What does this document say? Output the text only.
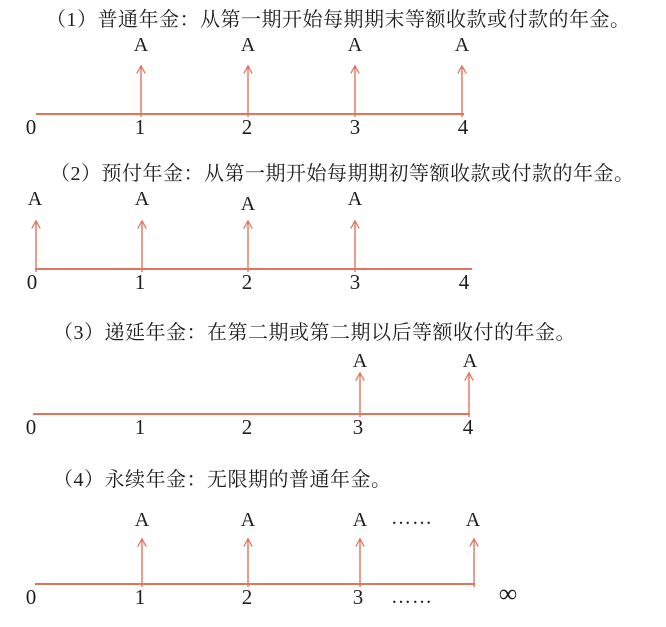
（1）普通年金：从第一期开始每期期末等额收款或付款的年金。
A	A	A	A
0	1	2	3	4
（2）预付年金：从第一期开始每期期初等额收款或付款的年金。
A	A	A	A
0	1	2	3	4
（3）递延年金：在第二期或第二期以后等额收付的年金。
A	A
0	1	2	3	4
（4）永续年金：无限期的普通年金。
A	A	A …… A
0	1	2	3 ……	∞
